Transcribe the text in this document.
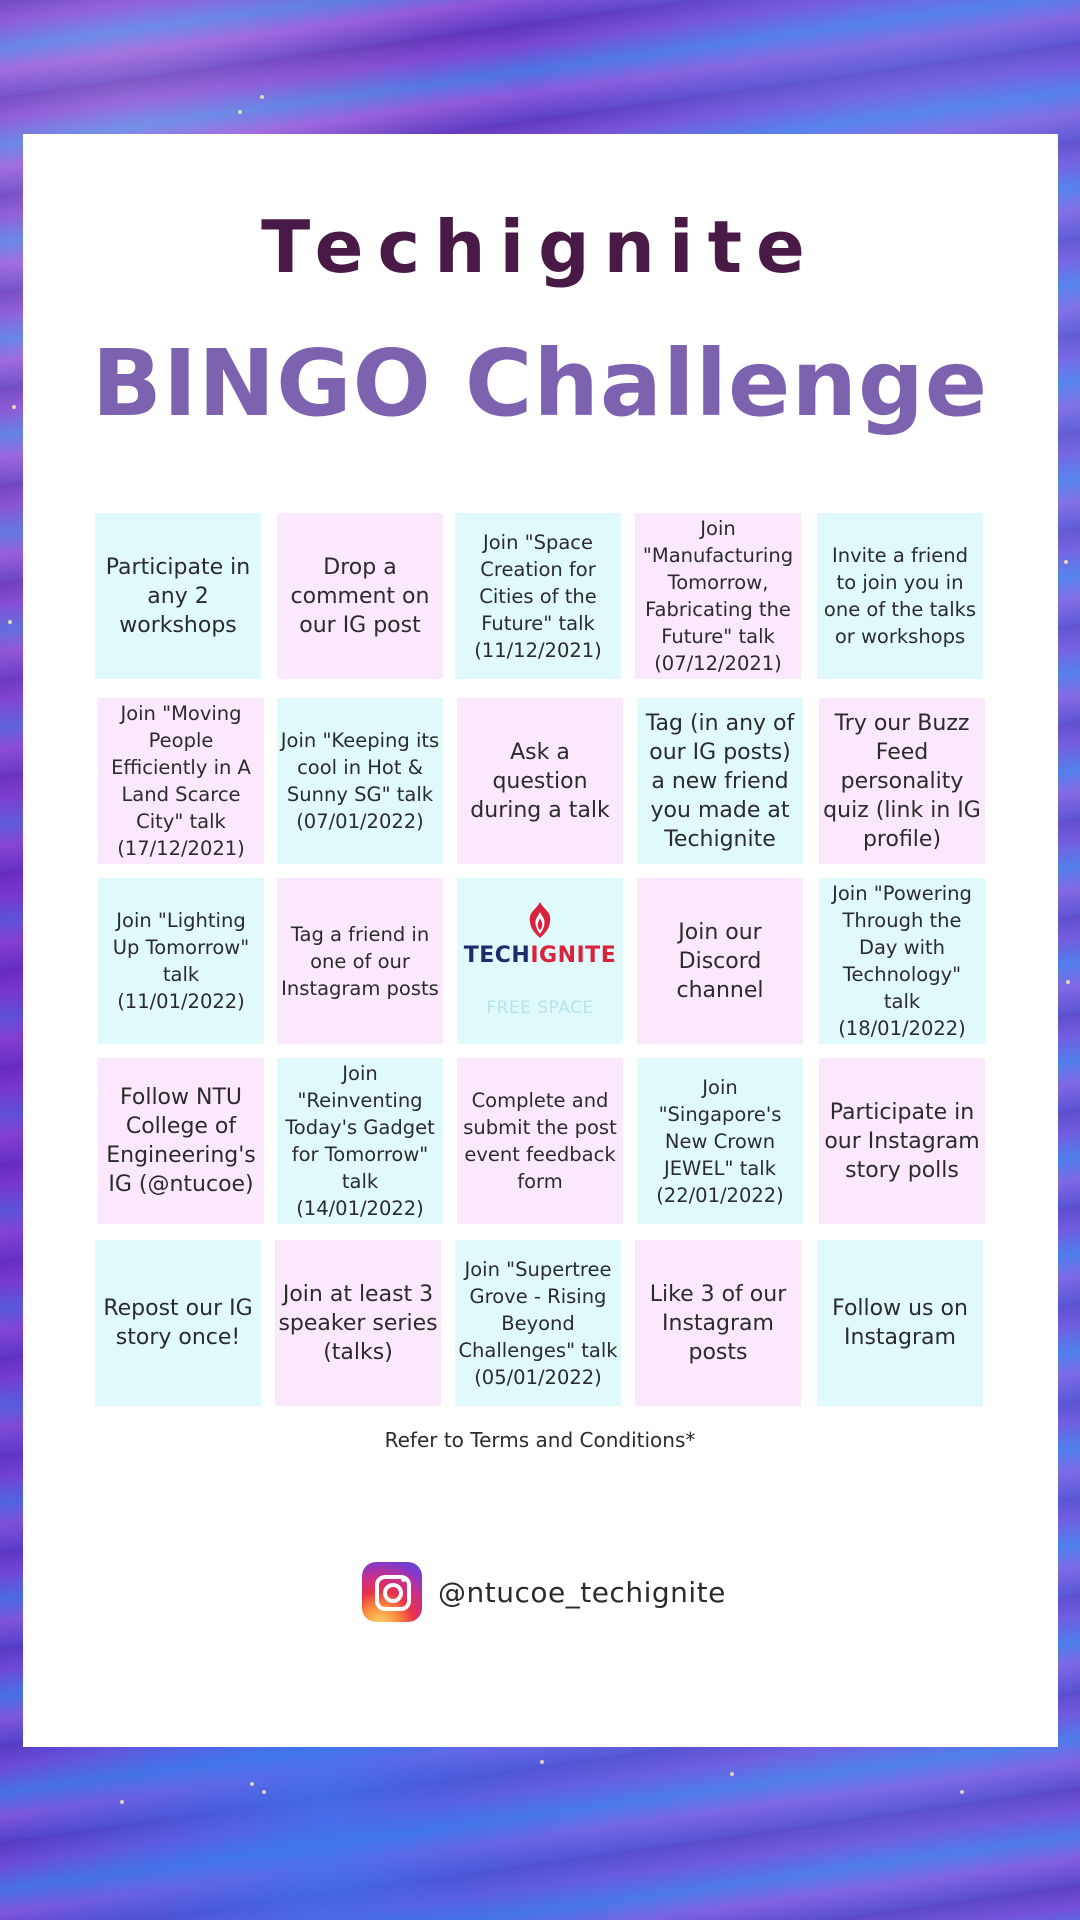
Techignite
BINGO Challenge
Participate in any 2 workshops
Drop a comment on our IG post
Join "Space Creation for Cities of the Future" talk (11/12/2021)
Join "Manufacturing Tomorrow, Fabricating the Future" talk (07/12/2021)
Invite a friend to join you in one of the talks or workshops
Join "Moving People Efficiently in A Land Scarce City" talk (17/12/2021)
Join "Keeping its cool in Hot & Sunny SG" talk (07/01/2022)
Ask a question during a talk
Tag (in any of our IG posts) a new friend you made at Techignite
Try our Buzz Feed personality quiz (link in IG profile)
Join "Lighting Up Tomorrow" talk (11/01/2022)
Tag a friend in one of our Instagram posts
TECHIGNITE
FREE SPACE
Join our Discord channel
Join "Powering Through the Day with Technology" talk (18/01/2022)
Follow NTU College of Engineering's IG (@ntucoe)
Join "Reinventing Today's Gadget for Tomorrow" talk (14/01/2022)
Complete and submit the post event feedback form
Join "Singapore's New Crown JEWEL" talk (22/01/2022)
Participate in our Instagram story polls
Repost our IG story once!
Join at least 3 speaker series (talks)
Join "Supertree Grove - Rising Beyond Challenges" talk (05/01/2022)
Like 3 of our Instagram posts
Follow us on Instagram
Refer to Terms and Conditions*
@ntucoe_techignite
